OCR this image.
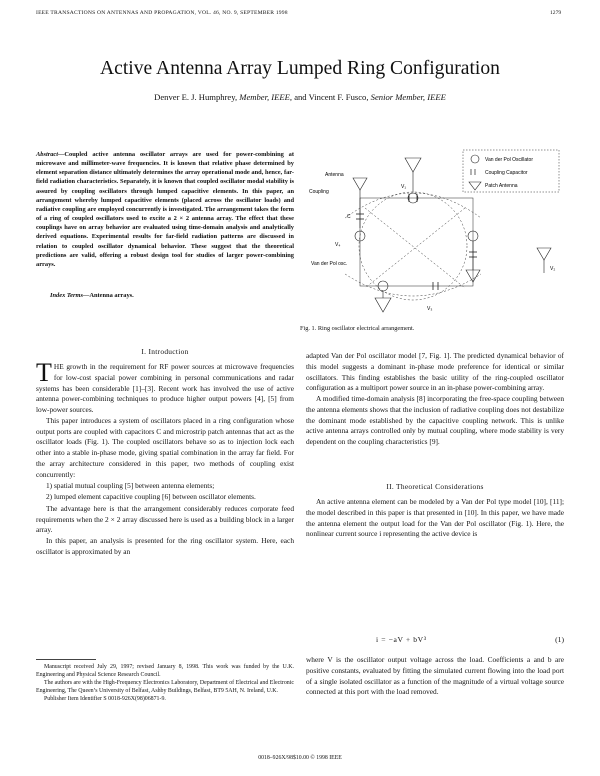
IEEE TRANSACTIONS ON ANTENNAS AND PROPAGATION, VOL. 46, NO. 9, SEPTEMBER 1998	1279
Active Antenna Array Lumped Ring Configuration
Denver E. J. Humphrey, Member, IEEE, and Vincent F. Fusco, Senior Member, IEEE
Abstract—Coupled active antenna oscillator arrays are used for power-combining at microwave and millimeter-wave frequencies. It is known that relative phase determined by element separation distance ultimately determines the array operational mode and, hence, far-field radiation characteristics. Separately, it is known that coupled oscillator modal stability is assured by coupling oscillators through lumped capacitive elements. In this paper, an arrangement whereby lumped capacitive elements (placed across the oscillator loads) and radiative coupling are employed concurrently is investigated. The arrangement takes the form of a ring of coupled oscillators used to excite a 2 × 2 antenna array. The effect that these couplings have on array behavior are evaluated using time-domain analysis and analytically derived equations. Experimental results for far-field radiation patterns are discussed in relation to coupled oscillator dynamical behavior. These suggest that the theoretical predictions are valid, offering a robust design tool for studies of larger power-combining arrays.
Index Terms—Antenna arrays.
Van der Pol Oscillator
Coupling Capacitor
Patch Antenna
Antenna
Coupling
Van der Pol osc.
V₁
V₄
V₂
V₃
C
Fig. 1. Ring oscillator electrical arrangement.
I. Introduction

THE growth in the requirement for RF power sources at microwave frequencies for low-cost spacial power combining in personal communications and radar systems has been considerable [1]–[3]. Recent work has involved the use of active antenna power-combining techniques to produce higher output powers [4], [5] from low-power sources.

This paper introduces a system of oscillators placed in a ring configuration whose output ports are coupled with capacitors C and microstrip patch antennas that act as the oscillator loads (Fig. 1). The coupled oscillators behave so as to injection lock each other into a stable in-phase mode, giving spatial combination in the array far field. For the array architecture considered in this paper, two methods of coupling exist concurrently:

1) spatial mutual coupling [5] between antenna elements;
2) lumped element capacitive coupling [6] between oscillator elements.

The advantage here is that the arrangement considerably reduces corporate feed requirements when the 2 × 2 array discussed here is used as a building block in a larger array.

In this paper, an analysis is presented for the ring oscillator system. Here, each oscillator is approximated by an

Manuscript received July 29, 1997; revised January 8, 1998. This work was funded by the U.K. Engineering and Physical Science Research Council.

The authors are with the High-Frequency Electronics Laboratory, Department of Electrical and Electronic Engineering, The Queen’s University of Belfast, Ashby Buildings, Belfast, BT9 5AH, N. Ireland, U.K.

Publisher Item Identifier S 0018-926X(98)06871-9.

adapted Van der Pol oscillator model [7, Fig. 1]. The predicted dynamical behavior of this model suggests a dominant in-phase mode preference for identical or similar oscillators. This finding establishes the basic utility of the ring-coupled oscillator configuration as a multiport power source in an in-phase power-combining array.

A modified time-domain analysis [8] incorporating the free-space coupling between the antenna elements shows that the inclusion of radiative coupling does not destabilize the dominant mode established by the capacitive coupling network. This is unlike active antenna arrays controlled only by mutual coupling, where mode stability is very dependent on the coupling characteristics [9].

II. Theoretical Considerations

An active antenna element can be modeled by a Van der Pol type model [10], [11]; the model described in this paper is that presented in [10]. In this paper, we have made the antenna element the output load for the Van der Pol oscillator (Fig. 1). Here, the nonlinear current source i representing the active device is

i = −aV + bV³	(1)

where V is the oscillator output voltage across the load. Coefficients a and b are positive constants, evaluated by fitting the simulated current flowing into the load port of a single isolated oscillator as a function of the magnitude of a virtual voltage source connected at this port with the load removed.

0018–926X/98$10.00 © 1998 IEEE
